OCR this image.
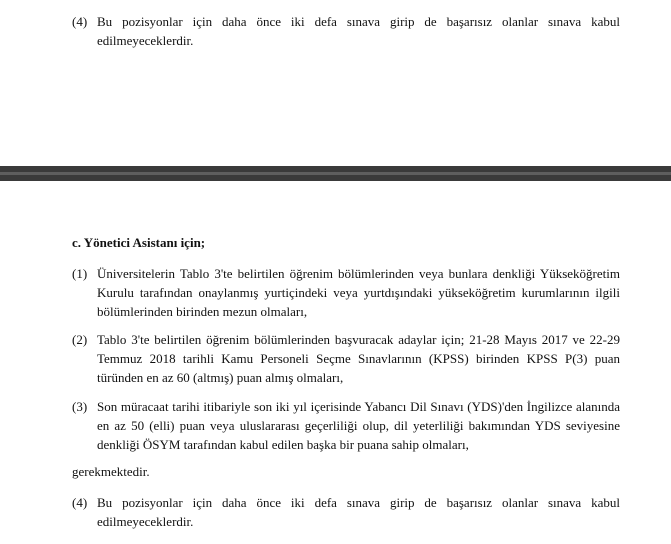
(4) Bu pozisyonlar için daha önce iki defa sınava girip de başarısız olanlar sınava kabul edilmeyeceklerdir.
c. Yönetici Asistanı için;
(1) Üniversitelerin Tablo 3'te belirtilen öğrenim bölümlerinden veya bunlara denkliği Yükseköğretim Kurulu tarafından onaylanmış yurtiçindeki veya yurtdışındaki yükseköğretim kurumlarının ilgili bölümlerinden birinden mezun olmaları,
(2) Tablo 3'te belirtilen öğrenim bölümlerinden başvuracak adaylar için; 21-28 Mayıs 2017 ve 22-29 Temmuz 2018 tarihli Kamu Personeli Seçme Sınavlarının (KPSS) birinden KPSS P(3) puan türünden en az 60 (altmış) puan almış olmaları,
(3) Son müracaat tarihi itibariyle son iki yıl içerisinde Yabancı Dil Sınavı (YDS)'den İngilizce alanında en az 50 (elli) puan veya uluslararası geçerliliği olup, dil yeterliliği bakımından YDS seviyesine denkliği ÖSYM tarafından kabul edilen başka bir puana sahip olmaları,
gerekmektedir.
(4) Bu pozisyonlar için daha önce iki defa sınava girip de başarısız olanlar sınava kabul edilmeyeceklerdir.
